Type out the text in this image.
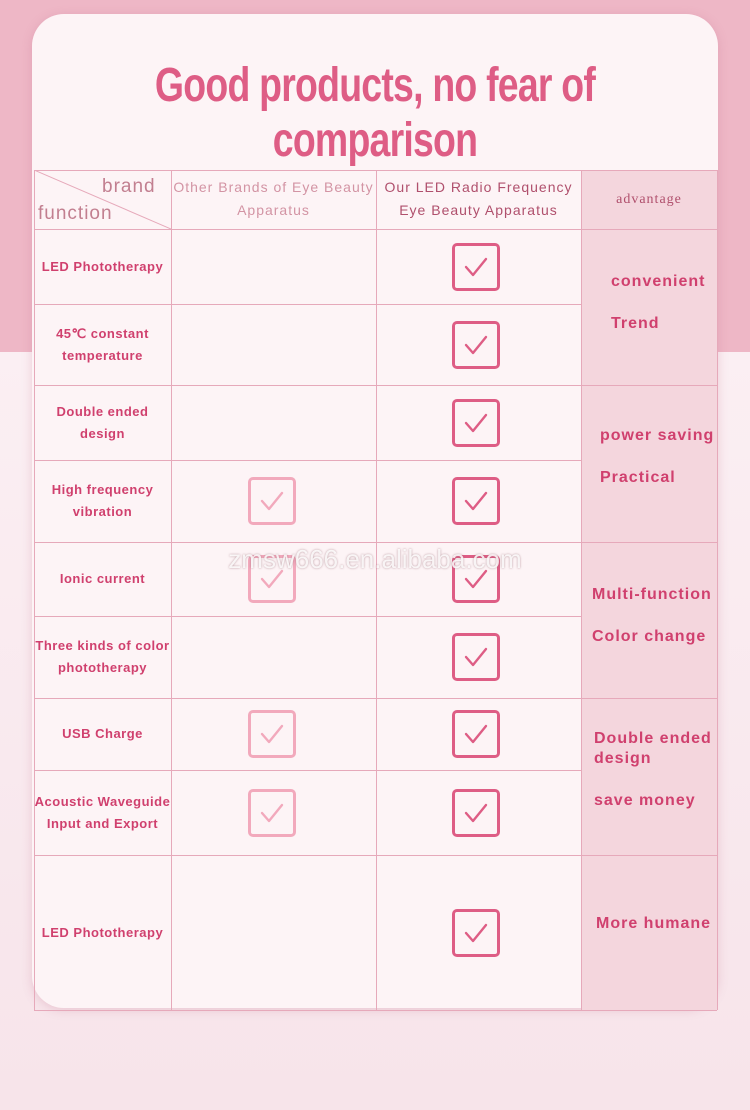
Good products, no fear of comparison
brand
function
Other Brands of Eye Beauty Apparatus
Our LED Radio Frequency Eye Beauty Apparatus
advantage
LED Phototherapy
45℃ constant temperature
Double ended design
High frequency vibration
Ionic current
Three kinds of color phototherapy
USB Charge
Acoustic Waveguide Input and Export
LED Phototherapy
convenient
Trend
power saving
Practical
Multi-function
Color change
Double ended design
save money
More humane
zmsw666.en.alibaba.com
